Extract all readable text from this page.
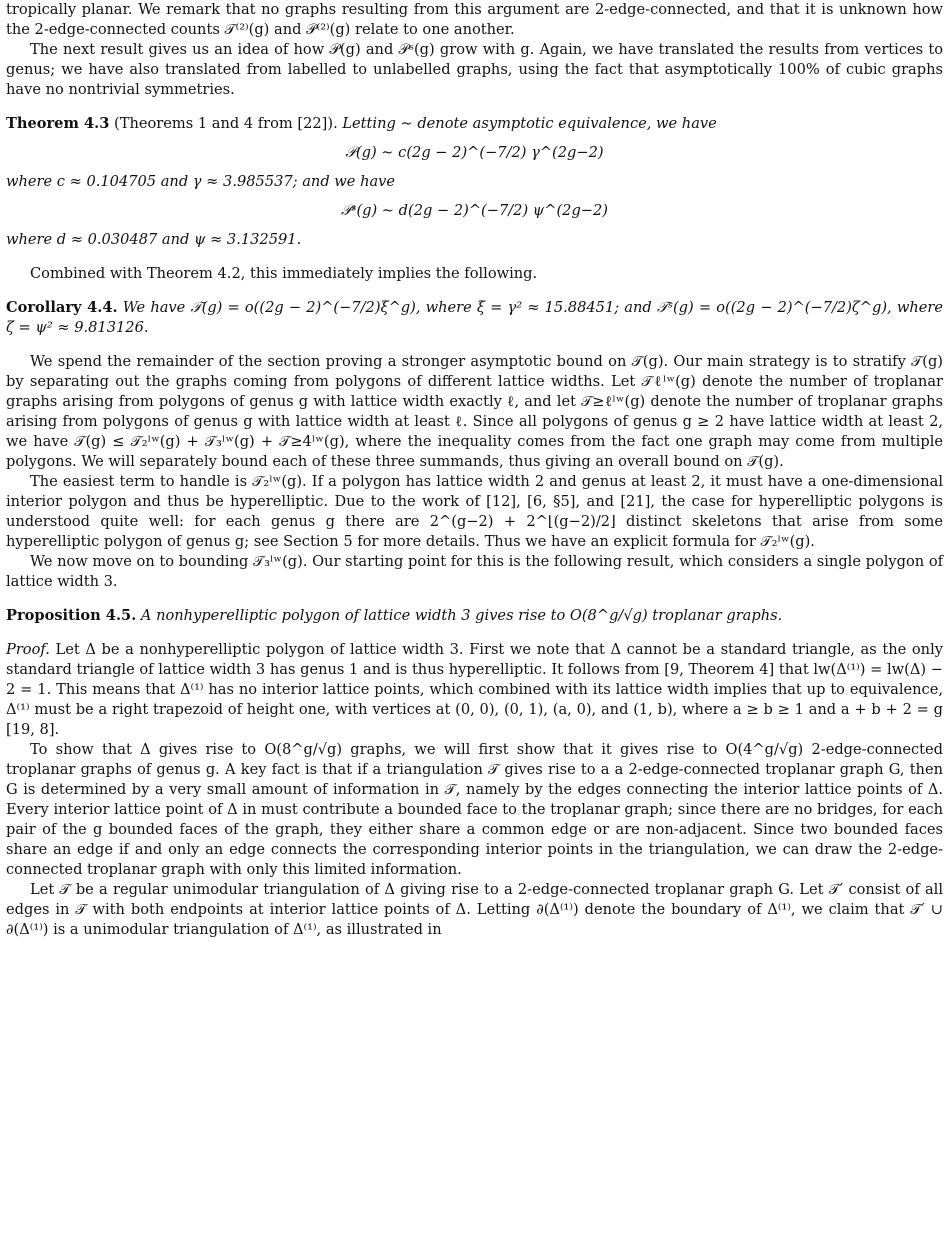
tropically planar. We remark that no graphs resulting from this argument are 2-edge-connected, and that it is unknown how the 2-edge-connected counts 𝒯⁽²⁾(g) and 𝒫⁽²⁾(g) relate to one another.

The next result gives us an idea of how 𝒫(g) and 𝒫ˢ(g) grow with g. Again, we have translated the results from vertices to genus; we have also translated from labelled to unlabelled graphs, using the fact that asymptotically 100% of cubic graphs have no nontrivial symmetries.

Theorem 4.3 (Theorems 1 and 4 from [22]). Letting ∼ denote asymptotic equivalence, we have

𝒫(g) ∼ c(2g − 2)^(−7/2) γ^(2g−2)

where c ≈ 0.104705 and γ ≈ 3.985537; and we have

𝒫ˢ(g) ∼ d(2g − 2)^(−7/2) ψ^(2g−2)

where d ≈ 0.030487 and ψ ≈ 3.132591.

Combined with Theorem 4.2, this immediately implies the following.

Corollary 4.4. We have 𝒯(g) = o((2g − 2)^(−7/2)ξ^g), where ξ = γ² ≈ 15.88451; and 𝒯ˢ(g) = o((2g − 2)^(−7/2)ζ^g), where ζ = ψ² ≈ 9.813126.

We spend the remainder of the section proving a stronger asymptotic bound on 𝒯(g). Our main strategy is to stratify 𝒯(g) by separating out the graphs coming from polygons of different lattice widths. Let 𝒯ℓˡʷ(g) denote the number of troplanar graphs arising from polygons of genus g with lattice width exactly ℓ, and let 𝒯≥ℓˡʷ(g) denote the number of troplanar graphs arising from polygons of genus g with lattice width at least ℓ. Since all polygons of genus g ≥ 2 have lattice width at least 2, we have 𝒯(g) ≤ 𝒯₂ˡʷ(g) + 𝒯₃ˡʷ(g) + 𝒯≥4ˡʷ(g), where the inequality comes from the fact one graph may come from multiple polygons. We will separately bound each of these three summands, thus giving an overall bound on 𝒯(g).

The easiest term to handle is 𝒯₂ˡʷ(g). If a polygon has lattice width 2 and genus at least 2, it must have a one-dimensional interior polygon and thus be hyperelliptic. Due to the work of [12], [6, §5], and [21], the case for hyperelliptic polygons is understood quite well: for each genus g there are 2^(g−2) + 2^⌊(g−2)/2⌋ distinct skeletons that arise from some hyperelliptic polygon of genus g; see Section 5 for more details. Thus we have an explicit formula for 𝒯₂ˡʷ(g).

We now move on to bounding 𝒯₃ˡʷ(g). Our starting point for this is the following result, which considers a single polygon of lattice width 3.

Proposition 4.5. A nonhyperelliptic polygon of lattice width 3 gives rise to O(8^g/√g) troplanar graphs.

Proof. Let Δ be a nonhyperelliptic polygon of lattice width 3. First we note that Δ cannot be a standard triangle, as the only standard triangle of lattice width 3 has genus 1 and is thus hyperelliptic. It follows from [9, Theorem 4] that lw(Δ⁽¹⁾) = lw(Δ) − 2 = 1. This means that Δ⁽¹⁾ has no interior lattice points, which combined with its lattice width implies that up to equivalence, Δ⁽¹⁾ must be a right trapezoid of height one, with vertices at (0, 0), (0, 1), (a, 0), and (1, b), where a ≥ b ≥ 1 and a + b + 2 = g [19, 8].

To show that Δ gives rise to O(8^g/√g) graphs, we will first show that it gives rise to O(4^g/√g) 2-edge-connected troplanar graphs of genus g. A key fact is that if a triangulation 𝒯 gives rise to a a 2-edge-connected troplanar graph G, then G is determined by a very small amount of information in 𝒯, namely by the edges connecting the interior lattice points of Δ. Every interior lattice point of Δ in must contribute a bounded face to the troplanar graph; since there are no bridges, for each pair of the g bounded faces of the graph, they either share a common edge or are non-adjacent. Since two bounded faces share an edge if and only an edge connects the corresponding interior points in the triangulation, we can draw the 2-edge-connected troplanar graph with only this limited information.

Let 𝒯 be a regular unimodular triangulation of Δ giving rise to a 2-edge-connected troplanar graph G. Let 𝒯′ consist of all edges in 𝒯 with both endpoints at interior lattice points of Δ. Letting ∂(Δ⁽¹⁾) denote the boundary of Δ⁽¹⁾, we claim that 𝒯′ ∪ ∂(Δ⁽¹⁾) is a unimodular triangulation of Δ⁽¹⁾, as illustrated in
